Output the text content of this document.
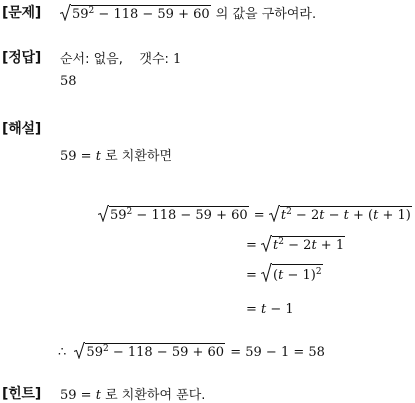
[문제]	$59^2 - 118 - 59 + 60$ 의 값을 구하여라.
[정답] 순서: 없음,    갯수: 1
58
[해설]
59 = t 로 치환하면
$59^2 - 118 - 59 + 60$ =
$t^2 - 2t - t + (t + 1)$
=
$t^2 - 2t + 1$
=
$(t - 1)^2$
= t − 1
∴ $59^2 - 118 - 59 + 60 = 59 - 1 = 58$
[힌트] 59 = t 로 치환하여 푼다.
